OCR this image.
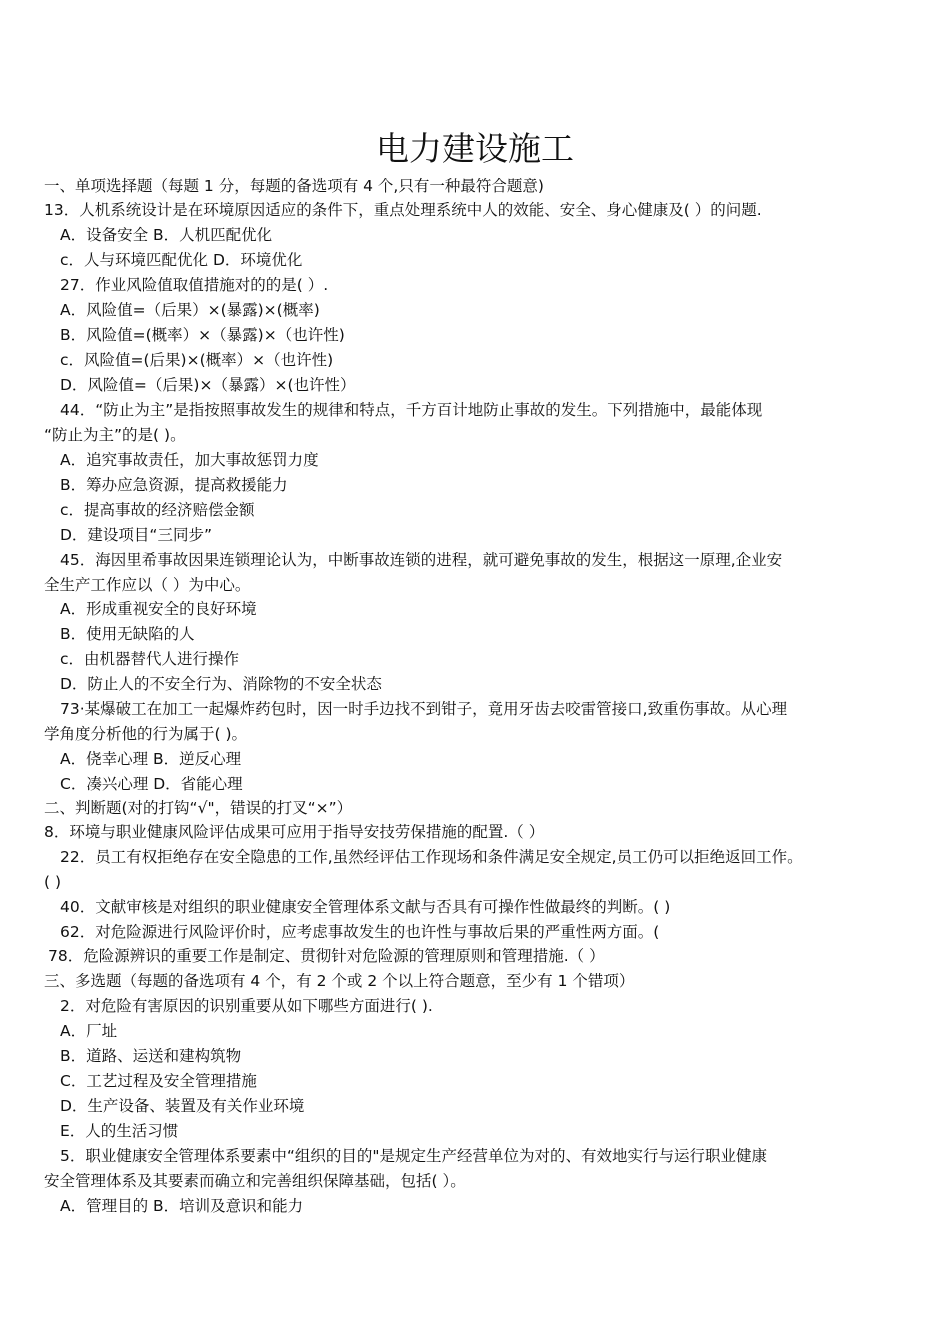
电力建设施工
一、单项选择题（每题 1 分，每题的备选项有 4 个,只有一种最符合题意)
13．人机系统设计是在环境原因适应的条件下，重点处理系统中人的效能、安全、身心健康及( ）的问题.
A．设备安全 B．人机匹配优化
c．人与环境匹配优化 D．环境优化
27．作业风险值取值措施对的的是( ）.
A．风险值=（后果）×(暴露)×(概率)
B．风险值=(概率）×（暴露)×（也许性)
c．风险值=(后果)×(概率）×（也许性)
D．风险值=（后果)×（暴露）×(也许性）
44．“防止为主”是指按照事故发生的规律和特点，千方百计地防止事故的发生。下列措施中，最能体现
“防止为主”的是( )。
A．追究事故责任，加大事故惩罚力度
B．筹办应急资源，提高救援能力
c．提高事故的经济赔偿金额
D．建设项目“三同步”
45．海因里希事故因果连锁理论认为，中断事故连锁的进程，就可避免事故的发生，根据这一原理,企业安
全生产工作应以（ ）为中心。
A．形成重视安全的良好环境
B．使用无缺陷的人
c．由机器替代人进行操作
D．防止人的不安全行为、消除物的不安全状态
73·某爆破工在加工一起爆炸药包时，因一时手边找不到钳子，竟用牙齿去咬雷管接口,致重伤事故。从心理
学角度分析他的行为属于( )。
A．侥幸心理 B．逆反心理
C．凑兴心理 D．省能心理
二、判断题(对的打钩“√"，错误的打叉“×”）
8．环境与职业健康风险评估成果可应用于指导安技劳保措施的配置.（ ）
22．员工有权拒绝存在安全隐患的工作,虽然经评估工作现场和条件满足安全规定,员工仍可以拒绝返回工作。
( )
40．文献审核是对组织的职业健康安全管理体系文献与否具有可操作性做最终的判断。( )
62．对危险源进行风险评价时，应考虑事故发生的也许性与事故后果的严重性两方面。(
78．危险源辨识的重要工作是制定、贯彻针对危险源的管理原则和管理措施.（ ）
三、多选题（每题的备选项有 4 个，有 2 个或 2 个以上符合题意，至少有 1 个错项）
2．对危险有害原因的识别重要从如下哪些方面进行( ).
A．厂址
B．道路、运送和建构筑物
C．工艺过程及安全管理措施
D．生产设备、装置及有关作业环境
E．人的生活习惯
5．职业健康安全管理体系要素中“组织的目的"是规定生产经营单位为对的、有效地实行与运行职业健康
安全管理体系及其要素而确立和完善组织保障基础，包括( ）。
A．管理目的 B．培训及意识和能力
